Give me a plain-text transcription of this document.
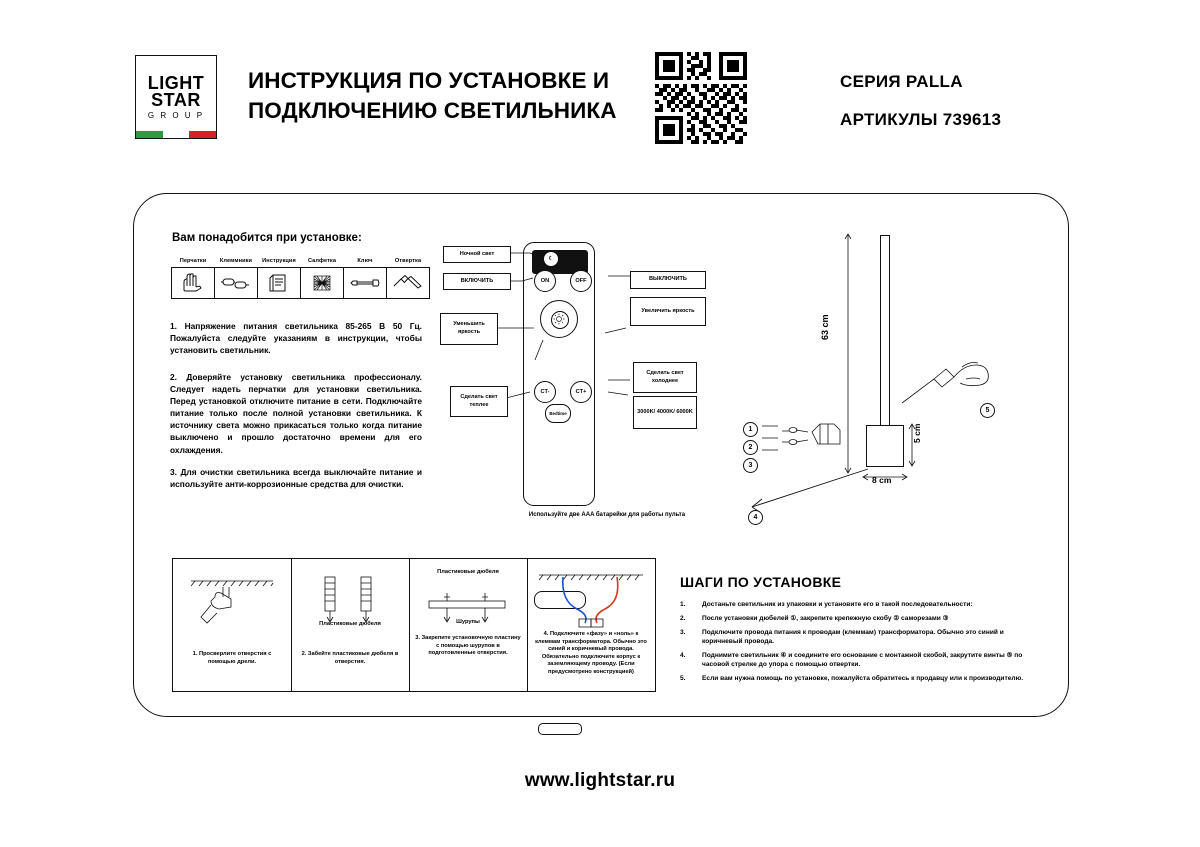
LIGHT
STAR
G R O U P
ИНСТРУКЦИЯ ПО УСТАНОВКЕ И ПОДКЛЮЧЕНИЮ СВЕТИЛЬНИКА
СЕРИЯ PALLA
АРТИКУЛЫ 739613
Вам понадобится при установке:
Перчатки	Клеммники	Инструкция	Салфетка	Ключ	Отвертка
1. Напряжение питания светильника 85-265 В 50 Гц. Пожалуйста следуйте указаниям в инструкции, чтобы установить светильник.
2. Доверяйте установку светильника профессионалу. Следует надеть перчатки для установки светильника. Перед установкой отключите питание в сети. Подключайте питание только после полной установки светильника. К источнику света можно прикасаться только когда питание выключено и прошло достаточно времени для его охлаждения.
3. Для очистки светильника всегда выключайте питание и используйте анти-коррозионные средства для очистки.
Ночной свет
ВКЛЮЧИТЬ	ВЫКЛЮЧИТЬ
Увеличить яркость
Уменьшить яркость
Сделать свет холоднее
Сделать свет теплее
3000K/ 4000K/ 6000K
☾
ON	OFF
CT-	CT+
Bedtime
Используйте две AAA батарейки для работы пульта
63 cm
8 cm
5 cm
1
2
3
4
5
1. Просверлите отверстия с помощью дрели.
Пластиковые дюбеля
2. Забейте пластиковые дюбеля в отверстия.
Пластиковые дюбеля
Шурупы
3. Закрепите установочную пластину с помощью шурупов в подготовленные отверстия.
4. Подключите «фазу» и «ноль» к клеммам трансформатора. Обычно это синий и коричневый провода. Обязательно подключите корпус к заземляющему проводу. (Если предусмотрено конструкцией)
ШАГИ ПО УСТАНОВКЕ
1.	Достаньте светильник из упаковки и установите его в такой последовательности:
2.	После установки дюбелей ①, закрепите крепежную скобу ② саморезами ③
3.	Подключите провода питания к проводам (клеммам) трансформатора. Обычно это синий и коричневый провода.
4.	Поднимите светильник ④ и соедините его основание с монтажной скобой, закрутите винты ⑤ по часовой стрелке до упора с помощью отвертки.
5.	Если вам нужна помощь по установке, пожалуйста обратитесь к продавцу или к производителю.
www.lightstar.ru
